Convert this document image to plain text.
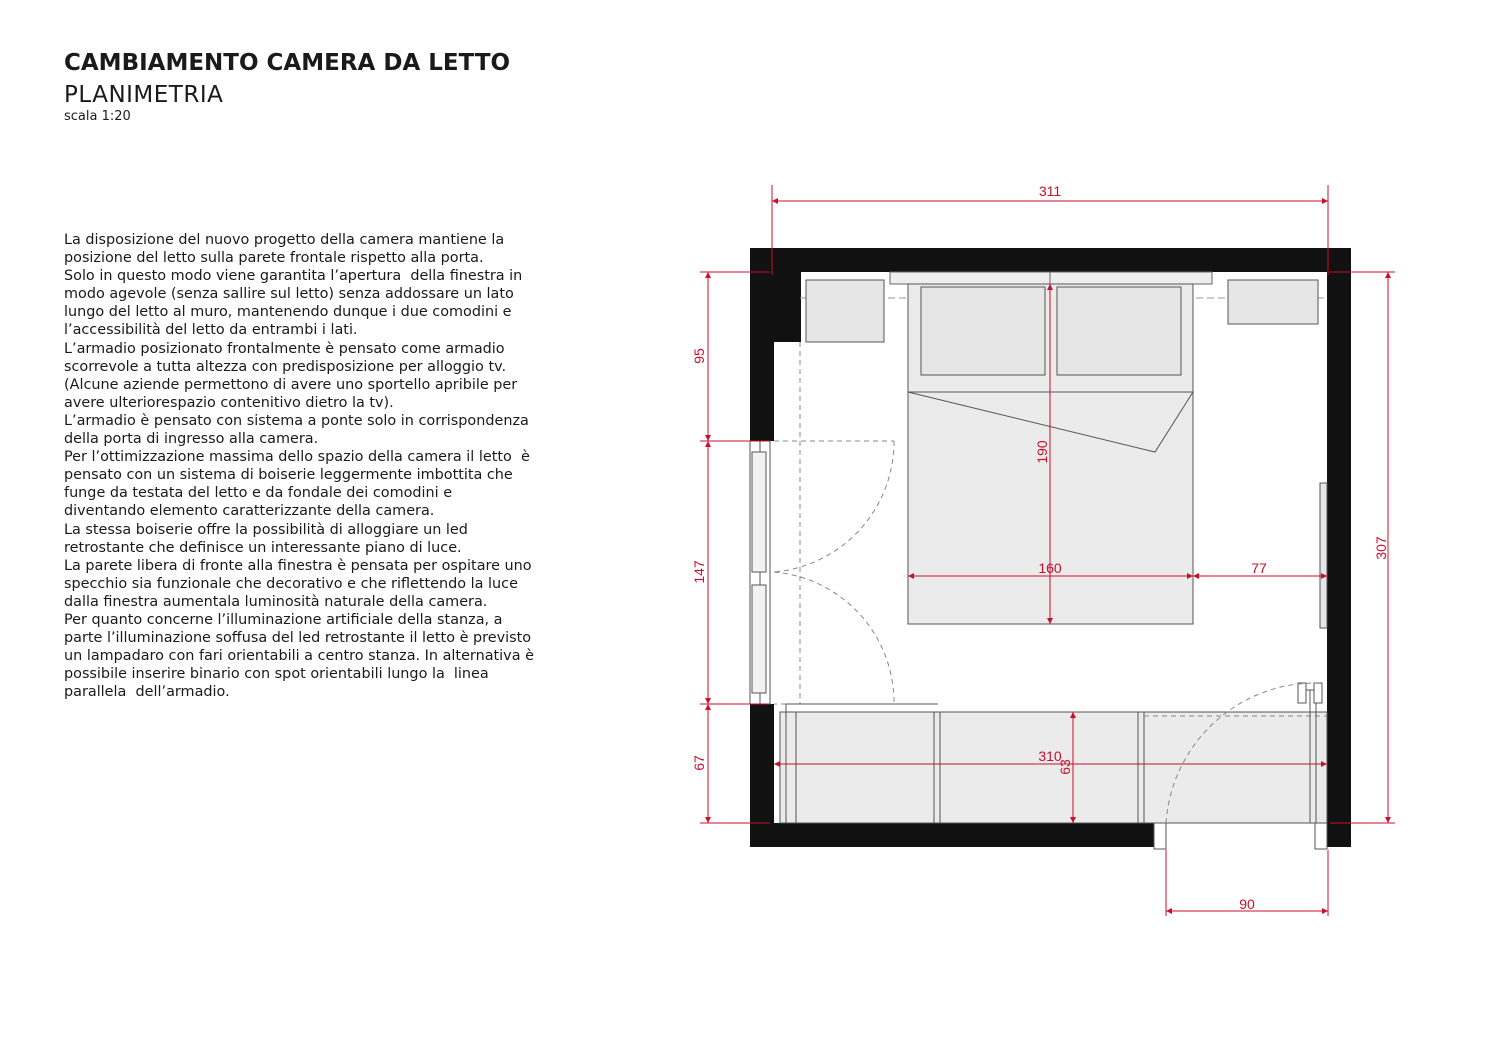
CAMBIAMENTO CAMERA DA LETTO
PLANIMETRIA
scala 1:20
La disposizione del nuovo progetto della camera mantiene la
posizione del letto sulla parete frontale rispetto alla porta.
Solo in questo modo viene garantita l’apertura  della finestra in
modo agevole (senza sallire sul letto) senza addossare un lato
lungo del letto al muro, mantenendo dunque i due comodini e
l’accessibilità del letto da entrambi i lati.
L’armadio posizionato frontalmente è pensato come armadio
scorrevole a tutta altezza con predisposizione per alloggio tv.
(Alcune aziende permettono di avere uno sportello apribile per
avere ulteriorespazio contenitivo dietro la tv).
L’armadio è pensato con sistema a ponte solo in corrispondenza
della porta di ingresso alla camera.
Per l’ottimizzazione massima dello spazio della camera il letto  è
pensato con un sistema di boiserie leggermente imbottita che
funge da testata del letto e da fondale dei comodini e
diventando elemento caratterizzante della camera.
La stessa boiserie offre la possibilità di alloggiare un led
retrostante che definisce un interessante piano di luce.
La parete libera di fronte alla finestra è pensata per ospitare uno
specchio sia funzionale che decorativo e che riflettendo la luce
dalla finestra aumentala luminosità naturale della camera.
Per quanto concerne l’illuminazione artificiale della stanza, a
parte l’illuminazione soffusa del led retrostante il letto è previsto
un lampadaro con fari orientabili a centro stanza. In alternativa è
possibile inserire binario con spot orientabili lungo la  linea
parallela  dell’armadio.
311
95
147
67
307
190
160	77
310
63
90
